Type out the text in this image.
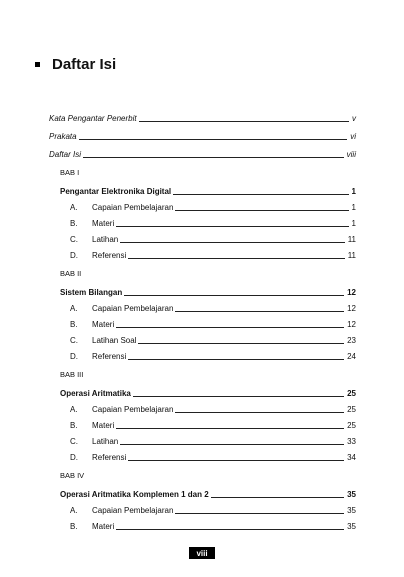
Daftar Isi
Kata Pengantar Penerbit	v
Prakata	vi
Daftar Isi	viii
BAB I
Pengantar Elektronika Digital	1
A. Capaian Pembelajaran	1
B. Materi	1
C. Latihan	11
D. Referensi	11
BAB II
Sistem Bilangan	12
A. Capaian Pembelajaran	12
B. Materi	12
C. Latihan Soal	23
D. Referensi	24
BAB III
Operasi Aritmatika	25
A. Capaian Pembelajaran	25
B. Materi	25
C. Latihan	33
D. Referensi	34
BAB IV
Operasi Aritmatika Komplemen 1 dan 2	35
A. Capaian Pembelajaran	35
B. Materi	35
viii
